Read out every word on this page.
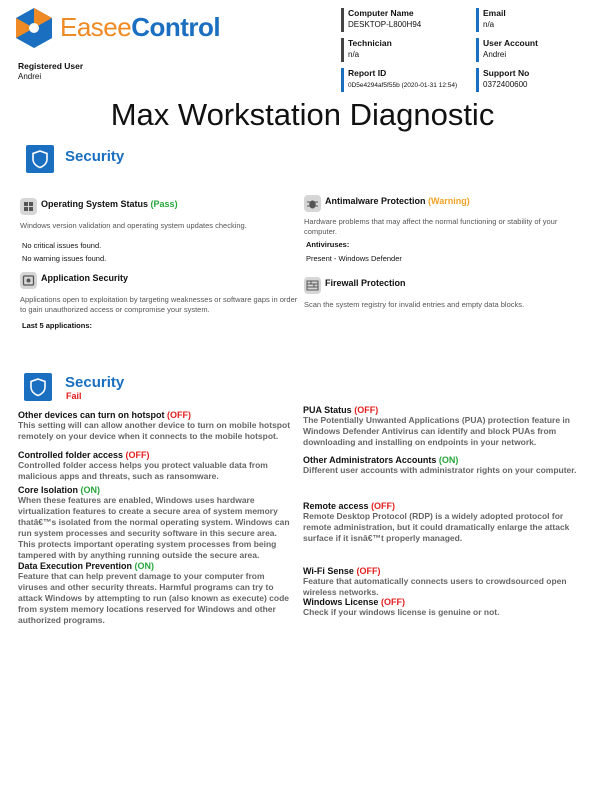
EaseeControl
Registered User
Andrei
Computer Name
DESKTOP-L800H94
Email
n/a
Technician
n/a
User Account
Andrei
Report ID
0D5e4294af5f55b (2020-01-31 12:54)
Support No
0372400600
Max Workstation Diagnostic
Security
Operating System Status (Pass)
Windows version validation and operating system updates checking.
No critical issues found.
No warning issues found.
Application Security
Applications open to exploitation by targeting weaknesses or software gaps in order to gain unauthorized access or compromise your system.
Last 5 applications:
Antimalware Protection (Warning)
Hardware problems that may affect the normal functioning or stability of your computer.
Antiviruses:
Present - Windows Defender
Firewall Protection
Scan the system registry for invalid entries and empty data blocks.
Security
Fail
Other devices can turn on hotspot (OFF)
This setting will can allow another device to turn on mobile hotspot remotely on your device when it connects to the mobile hotspot.
Controlled folder access (OFF)
Controlled folder access helps you protect valuable data from malicious apps and threats, such as ransomware.
Core Isolation (ON)
When these features are enabled, Windows uses hardware virtualization features to create a secure area of system memory thatâ€™s isolated from the normal operating system. Windows can run system processes and security software in this secure area. This protects important operating system processes from being tampered with by anything running outside the secure area.
Data Execution Prevention (ON)
Feature that can help prevent damage to your computer from viruses and other security threats. Harmful programs can try to attack Windows by attempting to run (also known as execute) code from system memory locations reserved for Windows and other authorized programs.
PUA Status (OFF)
The Potentially Unwanted Applications (PUA) protection feature in Windows Defender Antivirus can identify and block PUAs from downloading and installing on endpoints in your network.
Other Administrators Accounts (ON)
Different user accounts with administrator rights on your computer.
Remote access (OFF)
Remote Desktop Protocol (RDP) is a widely adopted protocol for remote administration, but it could dramatically enlarge the attack surface if it isnâ€™t properly managed.
Wi-Fi Sense (OFF)
Feature that automatically connects users to crowdsourced open wireless networks.
Windows License (OFF)
Check if your windows license is genuine or not.
